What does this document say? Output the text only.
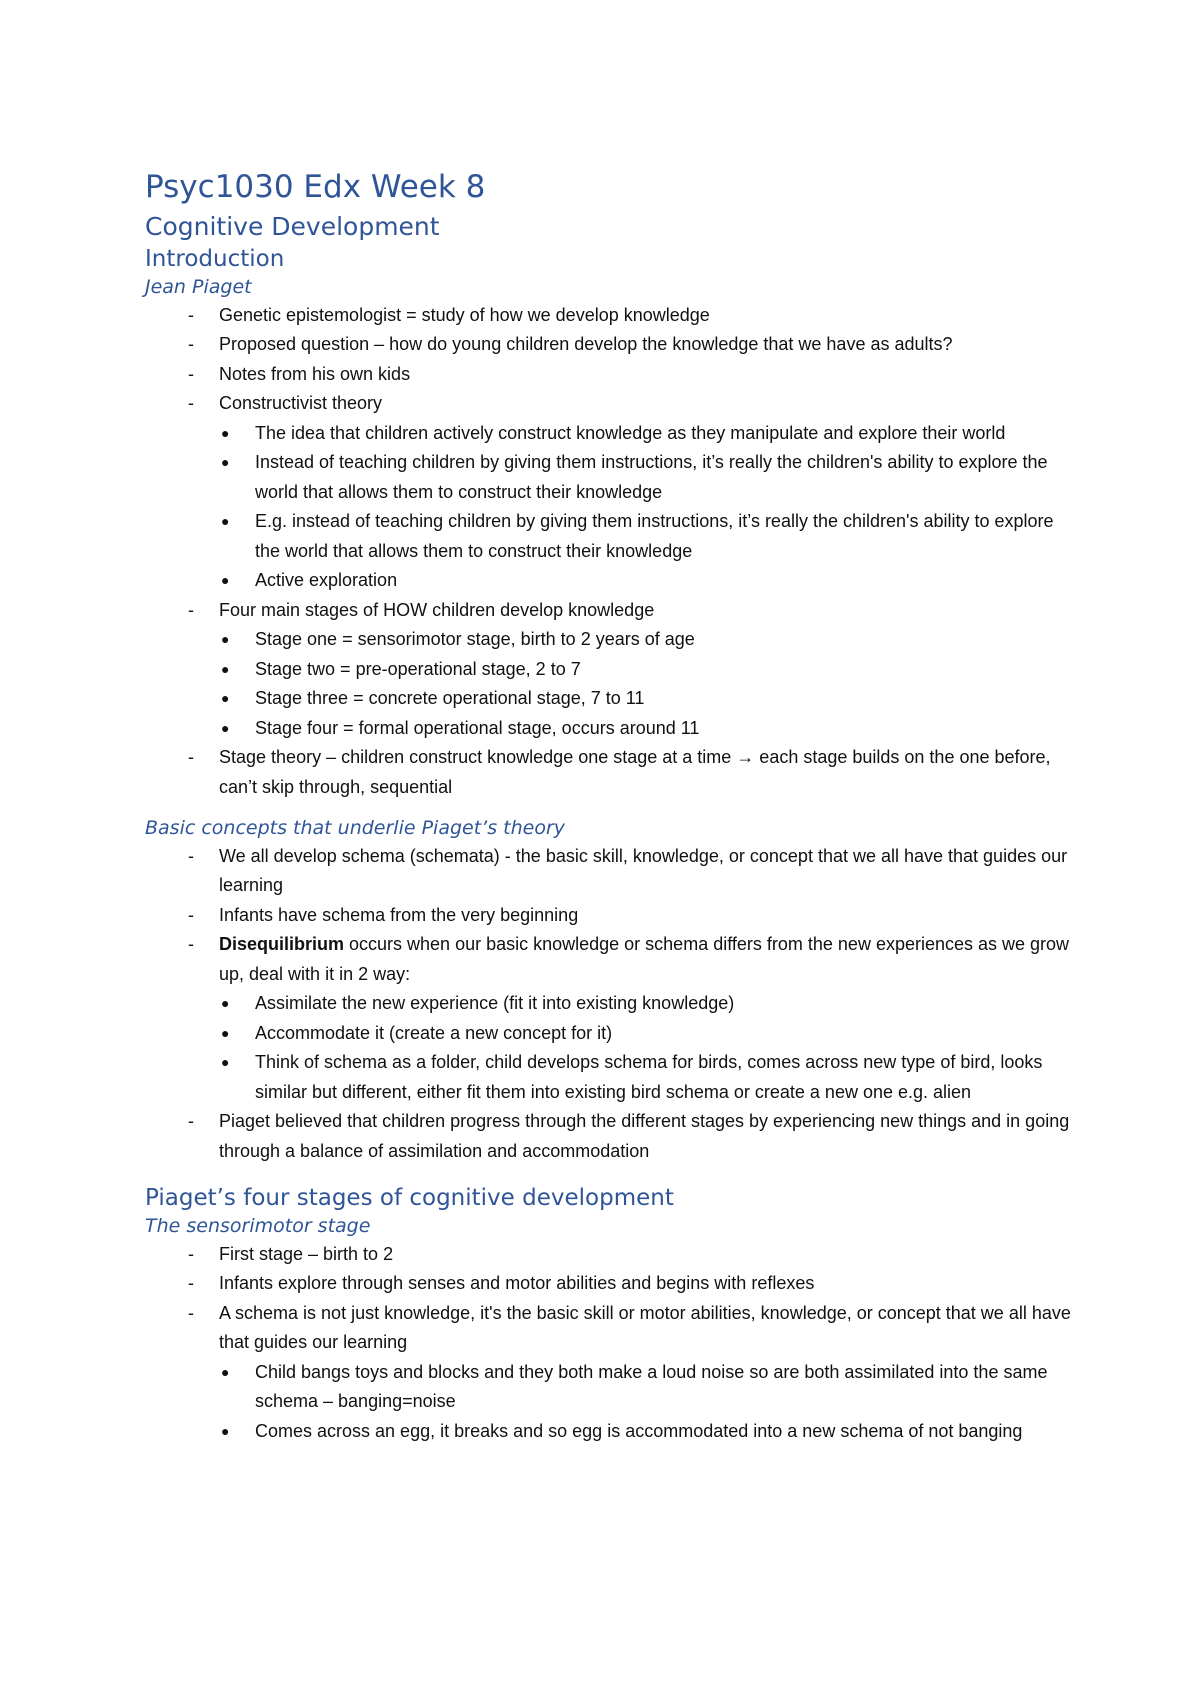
Psyc1030 Edx Week 8
Cognitive Development
Introduction
Jean Piaget
- Genetic epistemologist = study of how we develop knowledge
- Proposed question – how do young children develop the knowledge that we have as adults?
- Notes from his own kids
- Constructivist theory
● The idea that children actively construct knowledge as they manipulate and explore their world
● Instead of teaching children by giving them instructions, it’s really the children's ability to explore the world that allows them to construct their knowledge
● E.g. instead of teaching children by giving them instructions, it’s really the children's ability to explore the world that allows them to construct their knowledge
● Active exploration
- Four main stages of HOW children develop knowledge
● Stage one = sensorimotor stage, birth to 2 years of age
● Stage two = pre-operational stage, 2 to 7
● Stage three = concrete operational stage, 7 to 11
● Stage four = formal operational stage, occurs around 11
- Stage theory – children construct knowledge one stage at a time → each stage builds on the one before, can’t skip through, sequential
Basic concepts that underlie Piaget’s theory
- We all develop schema (schemata) - the basic skill, knowledge, or concept that we all have that guides our learning
- Infants have schema from the very beginning
- Disequilibrium occurs when our basic knowledge or schema differs from the new experiences as we grow up, deal with it in 2 way:
● Assimilate the new experience (fit it into existing knowledge)
● Accommodate it (create a new concept for it)
● Think of schema as a folder, child develops schema for birds, comes across new type of bird, looks similar but different, either fit them into existing bird schema or create a new one e.g. alien
- Piaget believed that children progress through the different stages by experiencing new things and in going through a balance of assimilation and accommodation
Piaget’s four stages of cognitive development
The sensorimotor stage
- First stage – birth to 2
- Infants explore through senses and motor abilities and begins with reflexes
- A schema is not just knowledge, it's the basic skill or motor abilities, knowledge, or concept that we all have that guides our learning
● Child bangs toys and blocks and they both make a loud noise so are both assimilated into the same schema – banging=noise
● Comes across an egg, it breaks and so egg is accommodated into a new schema of not banging
